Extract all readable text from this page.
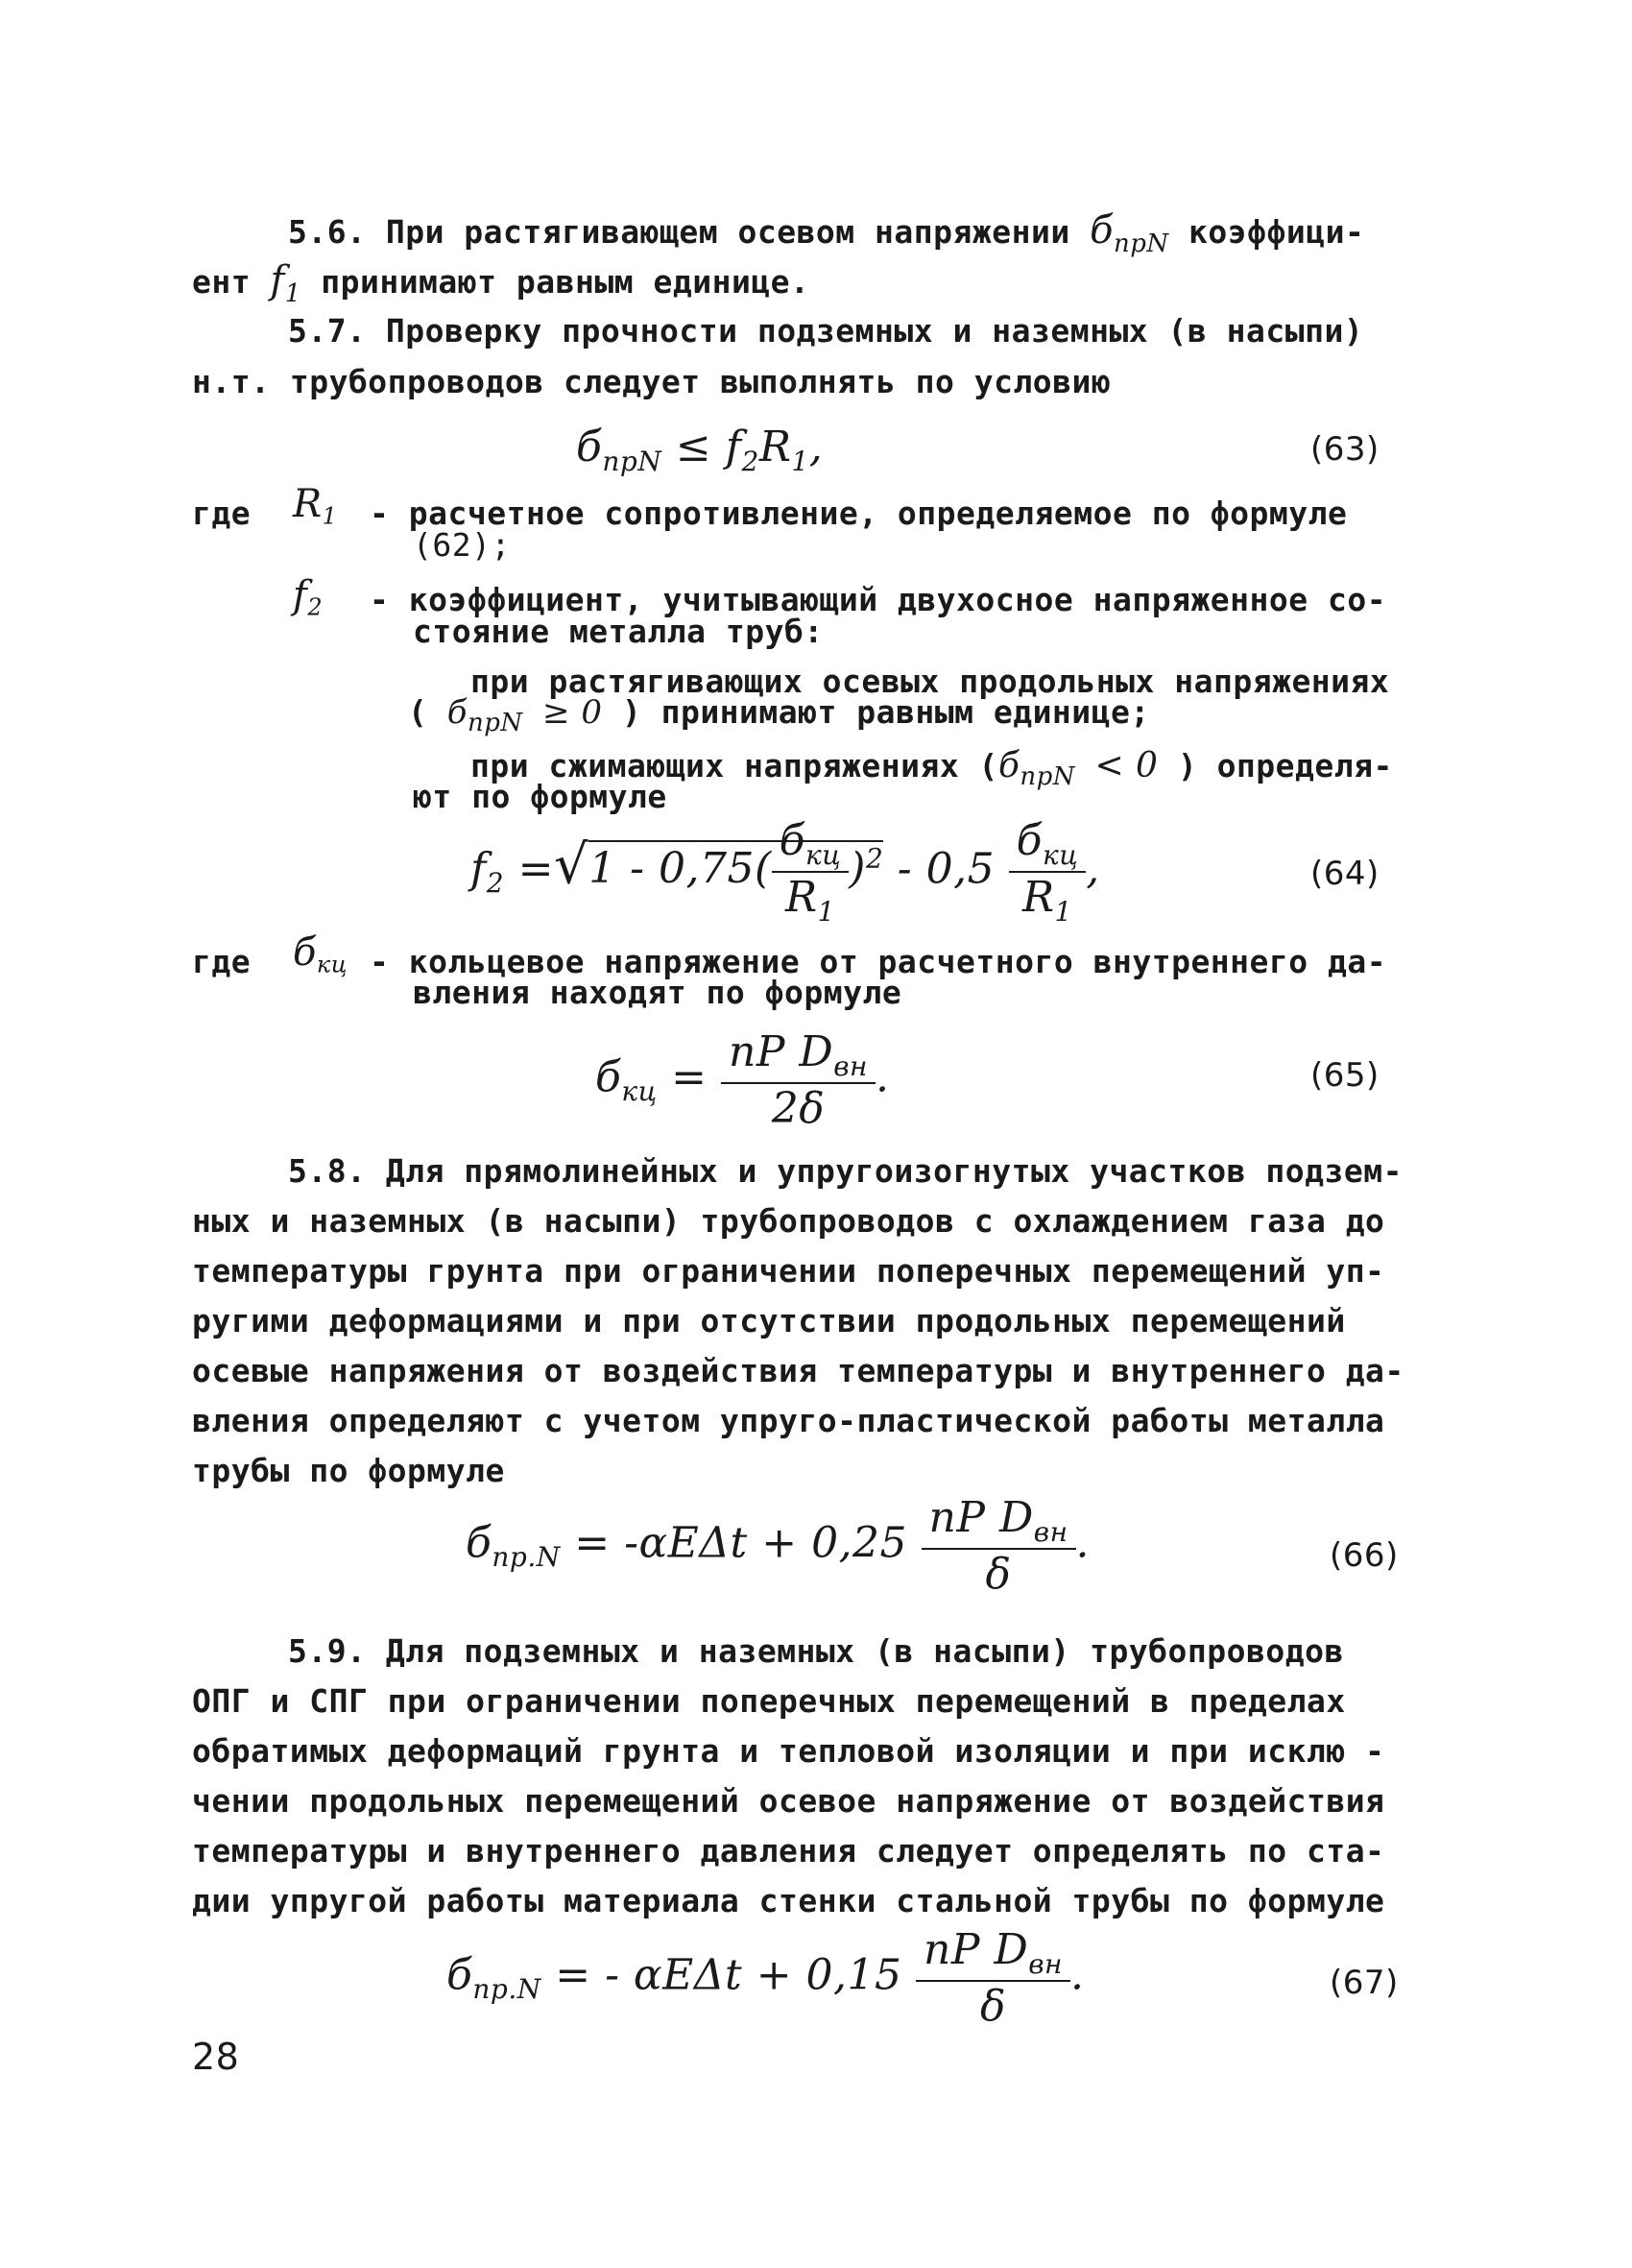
5.6. При растягивающем осевом напряжении $б_{прN}$ коэффици-
ент $f_1$ принимают равным единице.
5.7. Проверку прочности подземных и наземных (в насыпи)
н.т. трубопроводов следует выполнять по условию
$б_{прN} \le f_2R_1$,	(63)
где $R_1$ - расчетное сопротивление, определяемое по формуле
(62);
$f_2$ - коэффициент, учитывающий двухосное напряженное со-
стояние металла труб:
при растягивающих осевых продольных напряжениях
( $б_{прN} \ge 0$ ) принимают равным единице;
при сжимающих напряжениях ($б_{прN} < 0$ ) определя-
ют по формуле
$f_2 =√1 - 0,75( \frac{б_{кц}}{R_1} )^2 - 0,5 \frac{б_{кц}}{R_1}$ ,	(64)
где $б_{кц}$ - кольцевое напряжение от расчетного внутреннего да-
вления находят по формуле
$б_{кц} = \frac{nP D_{вн}}{2\delta}$ .	(65)
5.8. Для прямолинейных и упругоизогнутых участков подзем-
ных и наземных (в насыпи) трубопроводов с охлаждением газа до
температуры грунта при ограничении поперечных перемещений уп-
ругими деформациями и при отсутствии продольных перемещений
осевые напряжения от воздействия температуры и внутреннего да-
вления определяют с учетом упруго-пластической работы металла
трубы по формуле
$б_{пр.N} = -\alpha E\Delta t + 0,25 \frac{nP D_{вн}}{\delta}$ .	(66)
5.9. Для подземных и наземных (в насыпи) трубопроводов
ОПГ и СПГ при ограничении поперечных перемещений в пределах
обратимых деформаций грунта и тепловой изоляции и при исклю -
чении продольных перемещений осевое напряжение от воздействия
температуры и внутреннего давления следует определять по ста-
дии упругой работы материала стенки стальной трубы по формуле
$б_{пр.N}$ = - $\alpha E\Delta t + 0,15 \frac{nP D_{вн}}{\delta}$ .	(67)
28
